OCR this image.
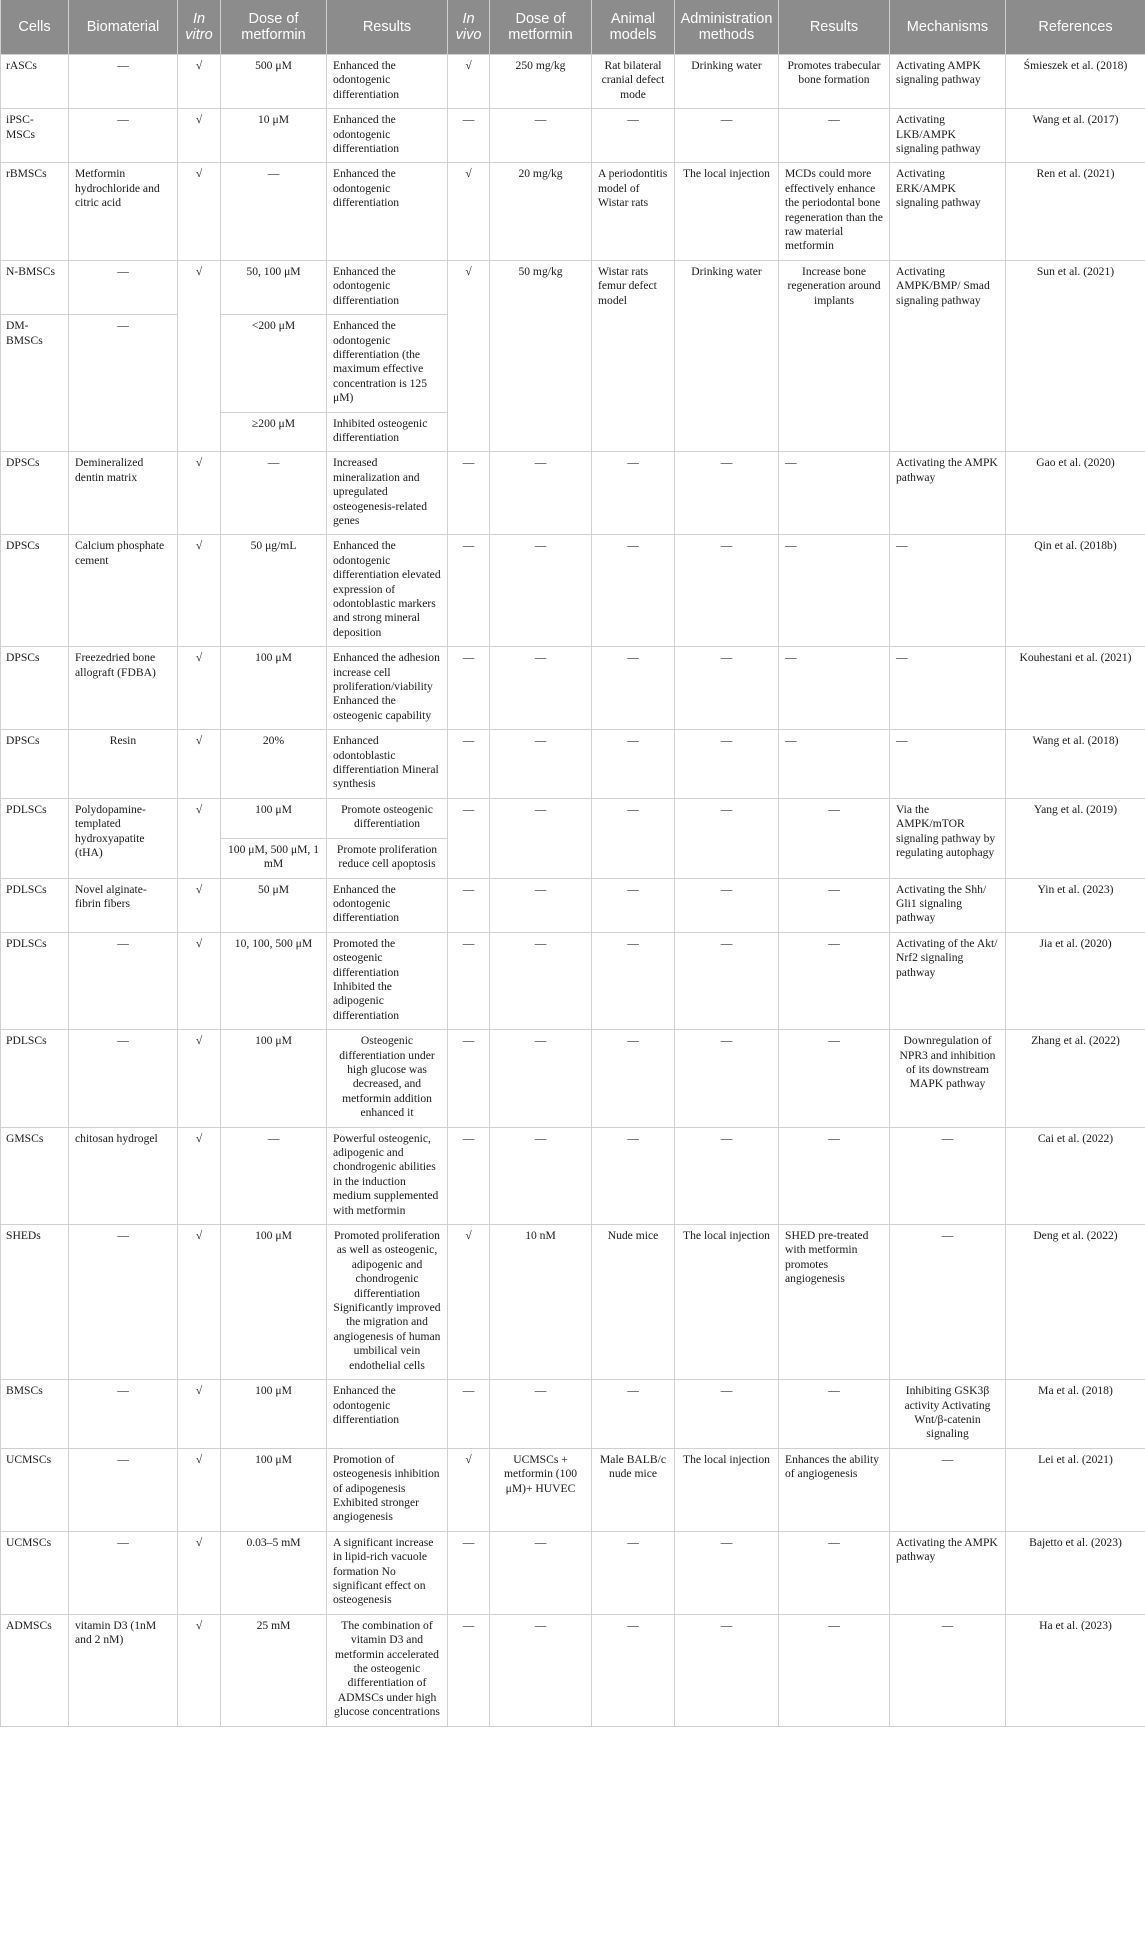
Cells	Biomaterial	In vitro	Dose of metformin	Results	In vivo	Dose of metformin	Animal models	Administration methods	Results	Mechanisms	References
rASCs	—	√	500 μM	Enhanced the odontogenic differentiation	√	250 mg/kg	Rat bilateral cranial defect mode	Drinking water	Promotes trabecular bone formation	Activating AMPK signaling pathway	Śmieszek et al. (2018)
iPSC-MSCs	—	√	10 μM	Enhanced the odontogenic differentiation	—	—	—	—	—	Activating LKB/AMPK signaling pathway	Wang et al. (2017)
rBMSCs	Metformin hydrochloride and citric acid	√	—	Enhanced the odontogenic differentiation	√	20 mg/kg	A periodontitis model of Wistar rats	The local injection	MCDs could more effectively enhance the periodontal bone regeneration than the raw material metformin	Activating ERK/AMPK signaling pathway	Ren et al. (2021)
N-BMSCs	—	√	50, 100 μM	Enhanced the odontogenic differentiation	√	50 mg/kg	Wistar rats femur defect model	Drinking water	Increase bone regeneration around implants	Activating AMPK/BMP/ Smad signaling pathway	Sun et al. (2021)
DM-BMSCs	—		<200 μM	Enhanced the odontogenic differentiation (the maximum effective concentration is 125 μM)							
			≥200 μM	Inhibited osteogenic differentiation							
DPSCs	Demineralized dentin matrix	√	—	Increased mineralization and upregulated osteogenesis-related genes	—	—	—	—	—	Activating the AMPK pathway	Gao et al. (2020)
DPSCs	Calcium phosphate cement	√	50 μg/mL	Enhanced the odontogenic differentiation elevated expression of odontoblastic markers and strong mineral deposition	—	—	—	—	—	—	Qin et al. (2018b)
DPSCs	Freezedried bone allograft (FDBA)	√	100 μM	Enhanced the adhesion increase cell proliferation/viability Enhanced the osteogenic capability	—	—	—	—	—	—	Kouhestani et al. (2021)
DPSCs	Resin	√	20%	Enhanced odontoblastic differentiation Mineral synthesis	—	—	—	—	—	—	Wang et al. (2018)
PDLSCs	Polydopamine-templated hydroxyapatite (tHA)	√	100 μM	Promote osteogenic differentiation	—	—	—	—	—	Via the AMPK/mTOR signaling pathway by regulating autophagy	Yang et al. (2019)
			100 μM, 500 μM, 1 mM	Promote proliferation reduce cell apoptosis							
PDLSCs	Novel alginate-fibrin fibers	√	50 μM	Enhanced the odontogenic differentiation	—	—	—	—	—	Activating the Shh/ Gli1 signaling pathway	Yin et al. (2023)
PDLSCs	—	√	10, 100, 500 μM	Promoted the osteogenic differentiation Inhibited the adipogenic differentiation	—	—	—	—	—	Activating of the Akt/ Nrf2 signaling pathway	Jia et al. (2020)
PDLSCs	—	√	100 μM	Osteogenic differentiation under high glucose was decreased, and metformin addition enhanced it	—	—	—	—	—	Downregulation of NPR3 and inhibition of its downstream MAPK pathway	Zhang et al. (2022)
GMSCs	chitosan hydrogel	√	—	Powerful osteogenic, adipogenic and chondrogenic abilities in the induction medium supplemented with metformin	—	—	—	—	—	—	Cai et al. (2022)
SHEDs	—	√	100 μM	Promoted proliferation as well as osteogenic, adipogenic and chondrogenic differentiation Significantly improved the migration and angiogenesis of human umbilical vein endothelial cells	√	10 nM	Nude mice	The local injection	SHED pre-treated with metformin promotes angiogenesis	—	Deng et al. (2022)
BMSCs	—	√	100 μM	Enhanced the odontogenic differentiation	—	—	—	—	—	Inhibiting GSK3β activity Activating Wnt/β-catenin signaling	Ma et al. (2018)
UCMSCs	—	√	100 μM	Promotion of osteogenesis inhibition of adipogenesis Exhibited stronger angiogenesis	√	UCMSCs + metformin (100 μM)+ HUVEC	Male BALB/c nude mice	The local injection	Enhances the ability of angiogenesis	—	Lei et al. (2021)
UCMSCs	—	√	0.03–5 mM	A significant increase in lipid-rich vacuole formation No significant effect on osteogenesis	—	—	—	—	—	Activating the AMPK pathway	Bajetto et al. (2023)
ADMSCs	vitamin D3 (1nM and 2 nM)	√	25 mM	The combination of vitamin D3 and metformin accelerated the osteogenic differentiation of ADMSCs under high glucose concentrations	—	—	—	—	—	—	Ha et al. (2023)
